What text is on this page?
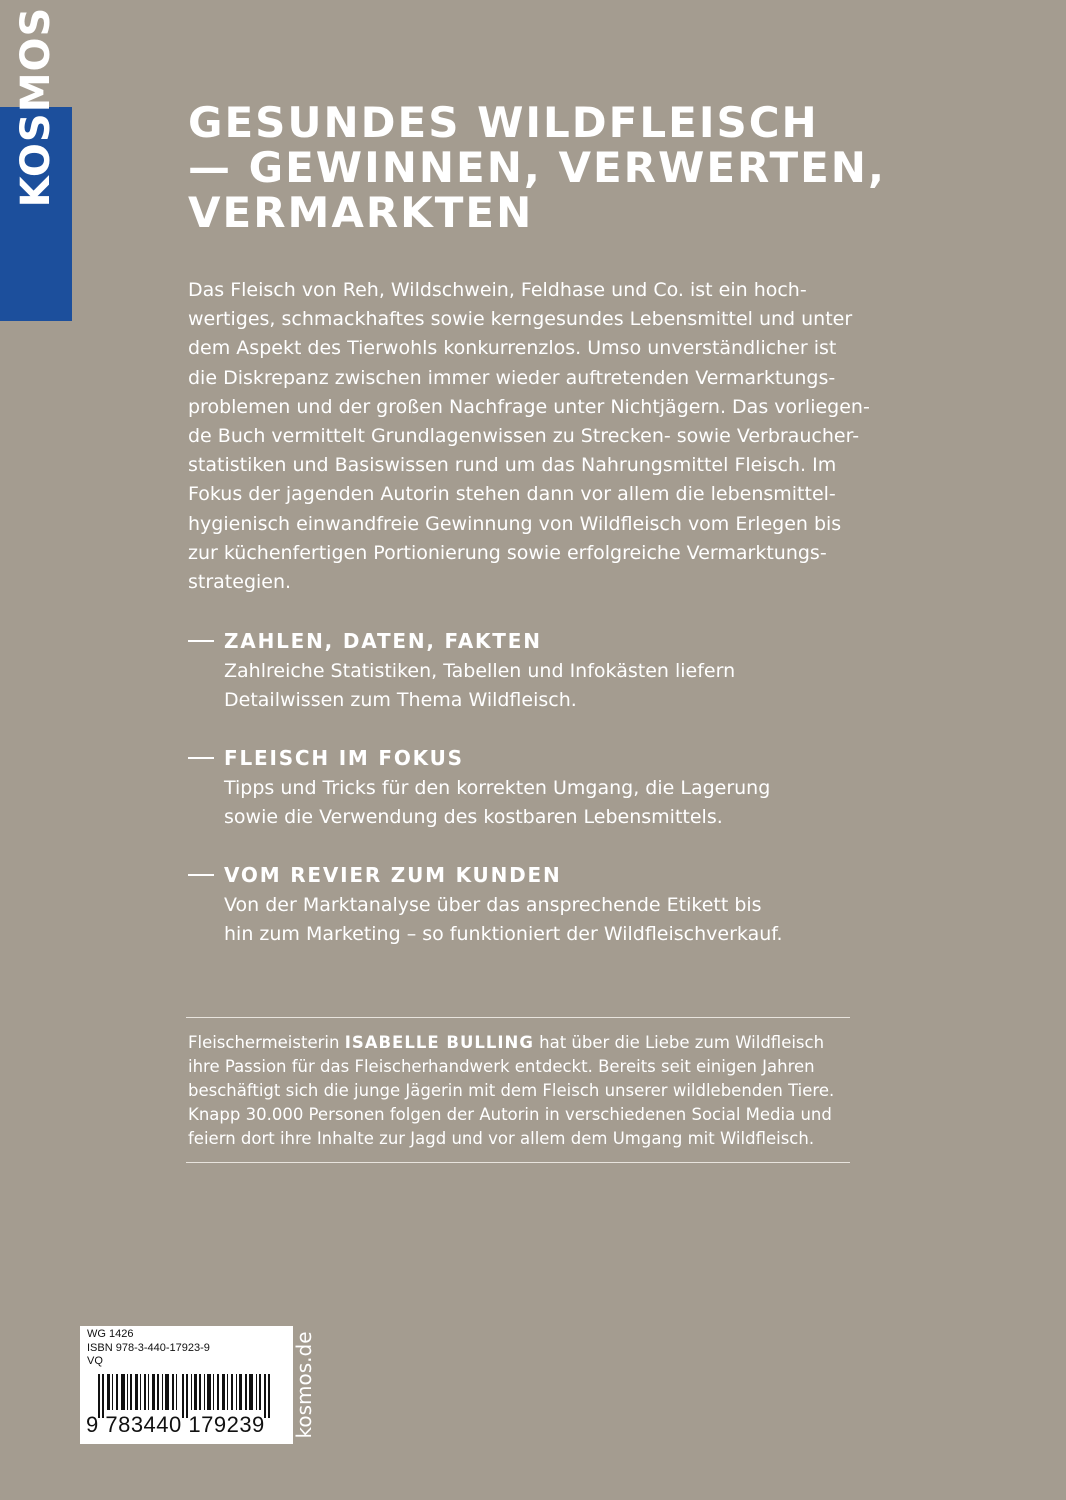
KOSMOS	GESUNDES WILDFLEISCH
— GEWINNEN, VERWERTEN,
VERMARKTEN
Das Fleisch von Reh, Wildschwein, Feldhase und Co. ist ein hoch-
wertiges, schmackhaftes sowie kerngesundes Lebensmittel und unter
dem Aspekt des Tierwohls konkurrenzlos. Umso unverständlicher ist
die Diskrepanz zwischen immer wieder auftretenden Vermarktungs-
problemen und der großen Nachfrage unter Nichtjägern. Das vorliegen-
de Buch vermittelt Grundlagenwissen zu Strecken- sowie Verbraucher-
statistiken und Basiswissen rund um das Nahrungsmittel Fleisch. Im
Fokus der jagenden Autorin stehen dann vor allem die lebensmittel-
hygienisch einwandfreie Gewinnung von Wildfleisch vom Erlegen bis
zur küchenfertigen Portionierung sowie erfolgreiche Vermarktungs-
strategien.
ZAHLEN, DATEN, FAKTEN
Zahlreiche Statistiken, Tabellen und Infokästen liefern
Detailwissen zum Thema Wildfleisch.
FLEISCH IM FOKUS
Tipps und Tricks für den korrekten Umgang, die Lagerung
sowie die Verwendung des kostbaren Lebensmittels.
VOM REVIER ZUM KUNDEN
Von der Marktanalyse über das ansprechende Etikett bis
hin zum Marketing – so funktioniert der Wildfleischverkauf.
Fleischermeisterin ISABELLE BULLING hat über die Liebe zum Wildfleisch
ihre Passion für das Fleischerhandwerk entdeckt. Bereits seit einigen Jahren
beschäftigt sich die junge Jägerin mit dem Fleisch unserer wildlebenden Tiere.
Knapp 30.000 Personen folgen der Autorin in verschiedenen Social Media und
feiern dort ihre Inhalte zur Jagd und vor allem dem Umgang mit Wildfleisch.
WG 1426
ISBN 978-3-440-17923-9
VQ
9 783440 179239 kosmos.de
